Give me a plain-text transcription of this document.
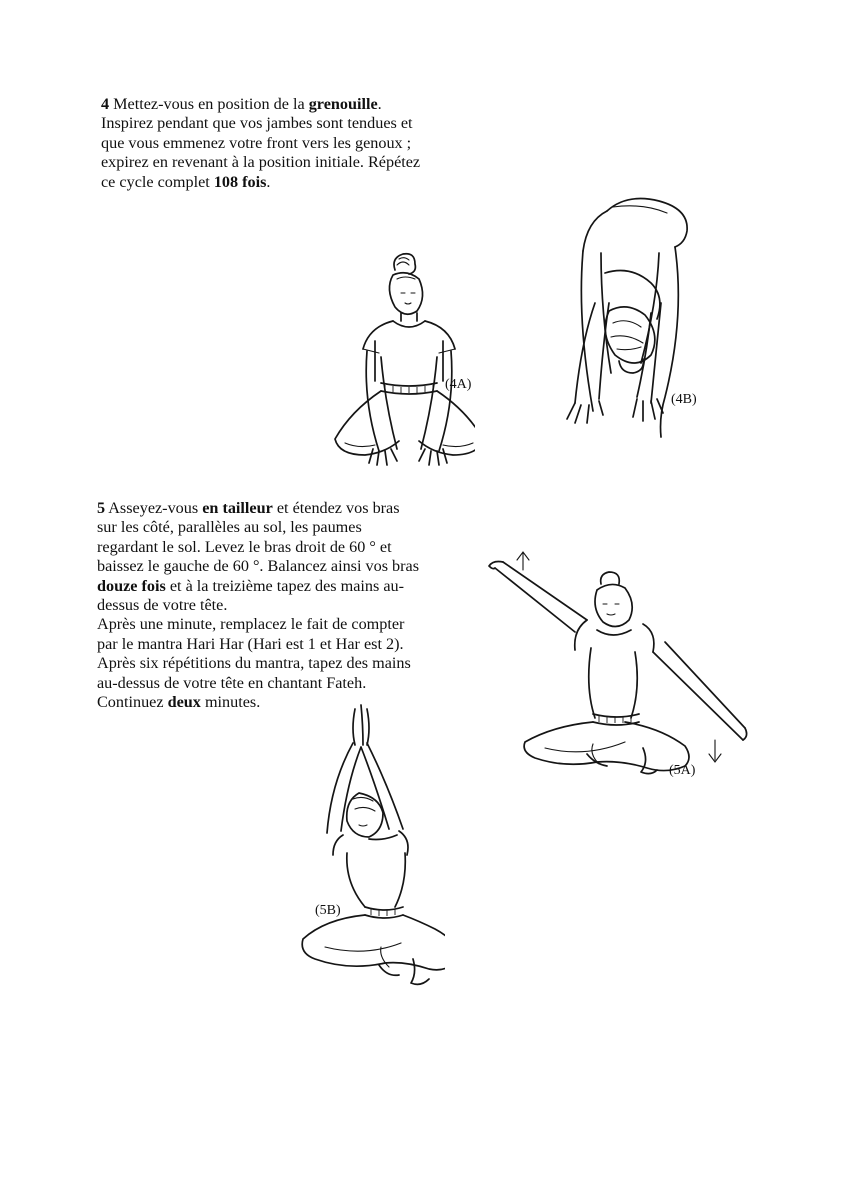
4 Mettez-vous en position de la grenouille.
Inspirez pendant que vos jambes sont tendues et
que vous emmenez votre front vers les genoux ;
expirez en revenant à la position initiale. Répétez
ce cycle complet 108 fois.

(4A)
(4B)

5 Asseyez-vous en tailleur et étendez vos bras
sur les côté, parallèles au sol, les paumes
regardant le sol. Levez le bras droit de 60 ° et
baissez le gauche de 60 °. Balancez ainsi vos bras
douze fois et à la treizième tapez des mains au-
dessus de votre tête.
Après une minute, remplacez le fait de compter
par le mantra Hari Har (Hari est 1 et Har est 2).
Après six répétitions du mantra, tapez des mains
au-dessus de votre tête en chantant Fateh.
Continuez deux minutes.

(5A)
(5B)
